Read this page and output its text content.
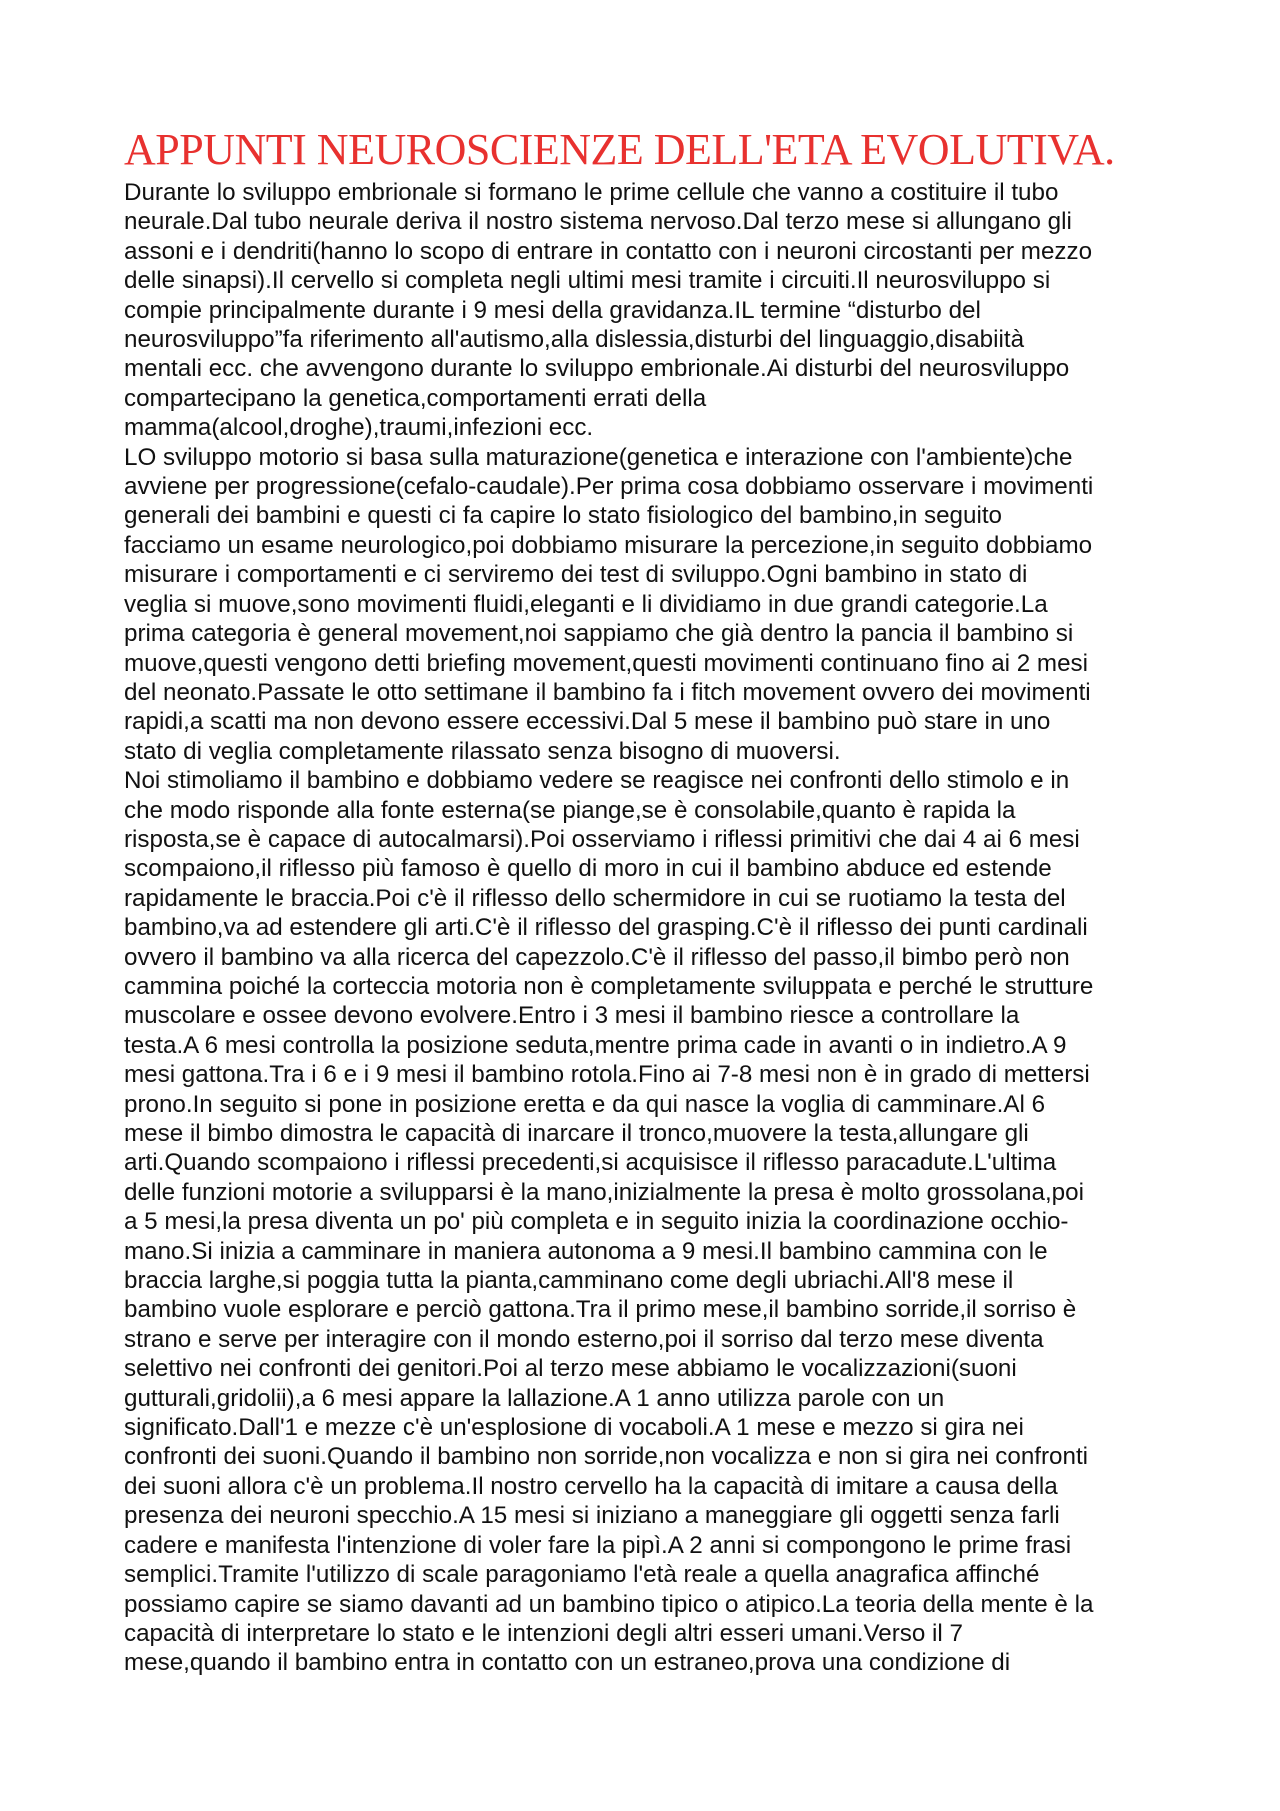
APPUNTI NEUROSCIENZE DELL'ETA EVOLUTIVA.
Durante lo sviluppo embrionale si formano le prime cellule che vanno a costituire il tubo
neurale.Dal tubo neurale deriva il nostro sistema nervoso.Dal terzo mese si allungano gli
assoni e i dendriti(hanno lo scopo di entrare in contatto con i neuroni circostanti per mezzo
delle sinapsi).Il cervello si completa negli ultimi mesi tramite i circuiti.Il neurosviluppo si
compie principalmente durante i 9 mesi della gravidanza.IL termine “disturbo del
neurosviluppo”fa riferimento all'autismo,alla dislessia,disturbi del linguaggio,disabiità
mentali ecc. che avvengono durante lo sviluppo embrionale.Ai disturbi del neurosviluppo
compartecipano la genetica,comportamenti errati della
mamma(alcool,droghe),traumi,infezioni ecc.
LO sviluppo motorio si basa sulla maturazione(genetica e interazione con l'ambiente)che
avviene per progressione(cefalo-caudale).Per prima cosa dobbiamo osservare i movimenti
generali dei bambini e questi ci fa capire lo stato fisiologico del bambino,in seguito
facciamo un esame neurologico,poi dobbiamo misurare la percezione,in seguito dobbiamo
misurare i comportamenti e ci serviremo dei test di sviluppo.Ogni bambino in stato di
veglia si muove,sono movimenti fluidi,eleganti e li dividiamo in due grandi categorie.La
prima categoria è general movement,noi sappiamo che già dentro la pancia il bambino si
muove,questi vengono detti briefing movement,questi movimenti continuano fino ai 2 mesi
del neonato.Passate le otto settimane il bambino fa i fitch movement ovvero dei movimenti
rapidi,a scatti ma non devono essere eccessivi.Dal 5 mese il bambino può stare in uno
stato di veglia completamente rilassato senza bisogno di muoversi.
Noi stimoliamo il bambino e dobbiamo vedere se reagisce nei confronti dello stimolo e in
che modo risponde alla fonte esterna(se piange,se è consolabile,quanto è rapida la
risposta,se è capace di autocalmarsi).Poi osserviamo i riflessi primitivi che dai 4 ai 6 mesi
scompaiono,il riflesso più famoso è quello di moro in cui il bambino abduce ed estende
rapidamente le braccia.Poi c'è il riflesso dello schermidore in cui se ruotiamo la testa del
bambino,va ad estendere gli arti.C'è il riflesso del grasping.C'è il riflesso dei punti cardinali
ovvero il bambino va alla ricerca del capezzolo.C'è il riflesso del passo,il bimbo però non
cammina poiché la corteccia motoria non è completamente sviluppata e perché le strutture
muscolare e ossee devono evolvere.Entro i 3 mesi il bambino riesce a controllare la
testa.A 6 mesi controlla la posizione seduta,mentre prima cade in avanti o in indietro.A 9
mesi gattona.Tra i 6 e i 9 mesi il bambino rotola.Fino ai 7-8 mesi non è in grado di mettersi
prono.In seguito si pone in posizione eretta e da qui nasce la voglia di camminare.Al 6
mese il bimbo dimostra le capacità di inarcare il tronco,muovere la testa,allungare gli
arti.Quando scompaiono i riflessi precedenti,si acquisisce il riflesso paracadute.L'ultima
delle funzioni motorie a svilupparsi è la mano,inizialmente la presa è molto grossolana,poi
a 5 mesi,la presa diventa un po' più completa e in seguito inizia la coordinazione occhio-
mano.Si inizia a camminare in maniera autonoma a 9 mesi.Il bambino cammina con le
braccia larghe,si poggia tutta la pianta,camminano come degli ubriachi.All'8 mese il
bambino vuole esplorare e perciò gattona.Tra il primo mese,il bambino sorride,il sorriso è
strano e serve per interagire con il mondo esterno,poi il sorriso dal terzo mese diventa
selettivo nei confronti dei genitori.Poi al terzo mese abbiamo le vocalizzazioni(suoni
gutturali,gridolii),a 6 mesi appare la lallazione.A 1 anno utilizza parole con un
significato.Dall'1 e mezze c'è un'esplosione di vocaboli.A 1 mese e mezzo si gira nei
confronti dei suoni.Quando il bambino non sorride,non vocalizza e non si gira nei confronti
dei suoni allora c'è un problema.Il nostro cervello ha la capacità di imitare a causa della
presenza dei neuroni specchio.A 15 mesi si iniziano a maneggiare gli oggetti senza farli
cadere e manifesta l'intenzione di voler fare la pipì.A 2 anni si compongono le prime frasi
semplici.Tramite l'utilizzo di scale paragoniamo l'età reale a quella anagrafica affinché
possiamo capire se siamo davanti ad un bambino tipico o atipico.La teoria della mente è la
capacità di interpretare lo stato e le intenzioni degli altri esseri umani.Verso il 7
mese,quando il bambino entra in contatto con un estraneo,prova una condizione di
